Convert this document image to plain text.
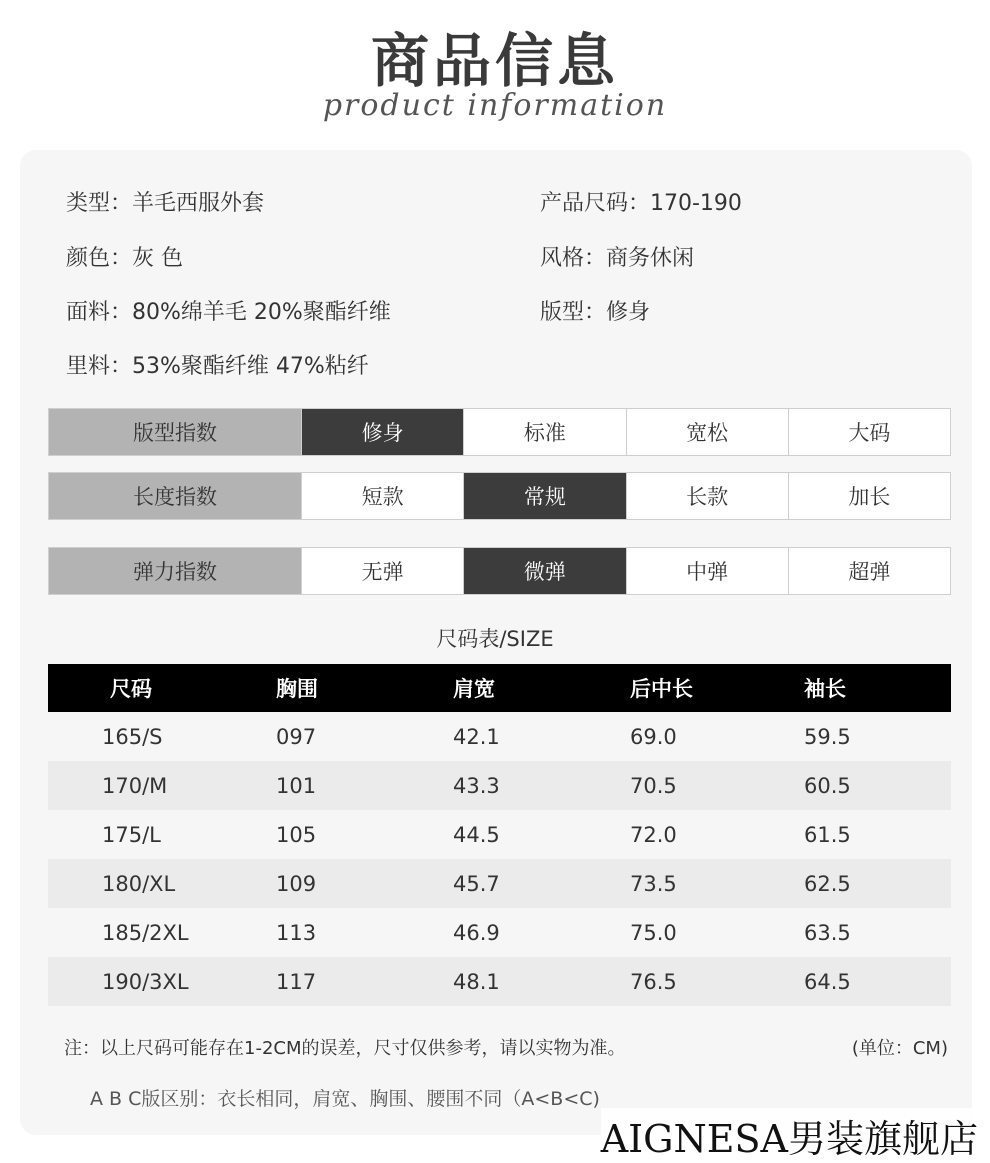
商品信息
product information
类型：羊毛西服外套	产品尺码：170-190
颜色：灰 色	风格：商务休闲
面料：80%绵羊毛 20%聚酯纤维	版型：修身
里料：53%聚酯纤维 47%粘纤
版型指数	修身	标准	宽松	大码
长度指数	短款	常规	长款	加长
弹力指数	无弹	微弹	中弹	超弹
尺码表/SIZE
尺码	胸围	肩宽	后中长	袖长
165/S	097	42.1	69.0	59.5
170/M	101	43.3	70.5	60.5
175/L	105	44.5	72.0	61.5
180/XL	109	45.7	73.5	62.5
185/2XL	113	46.9	75.0	63.5
190/3XL	117	48.1	76.5	64.5
注：以上尺码可能存在1-2CM的误差，尺寸仅供参考，请以实物为准。	(单位：CM)
A B C版区别：衣长相同，肩宽、胸围、腰围不同（A<B<C)
AIGNESA男装旗舰店
